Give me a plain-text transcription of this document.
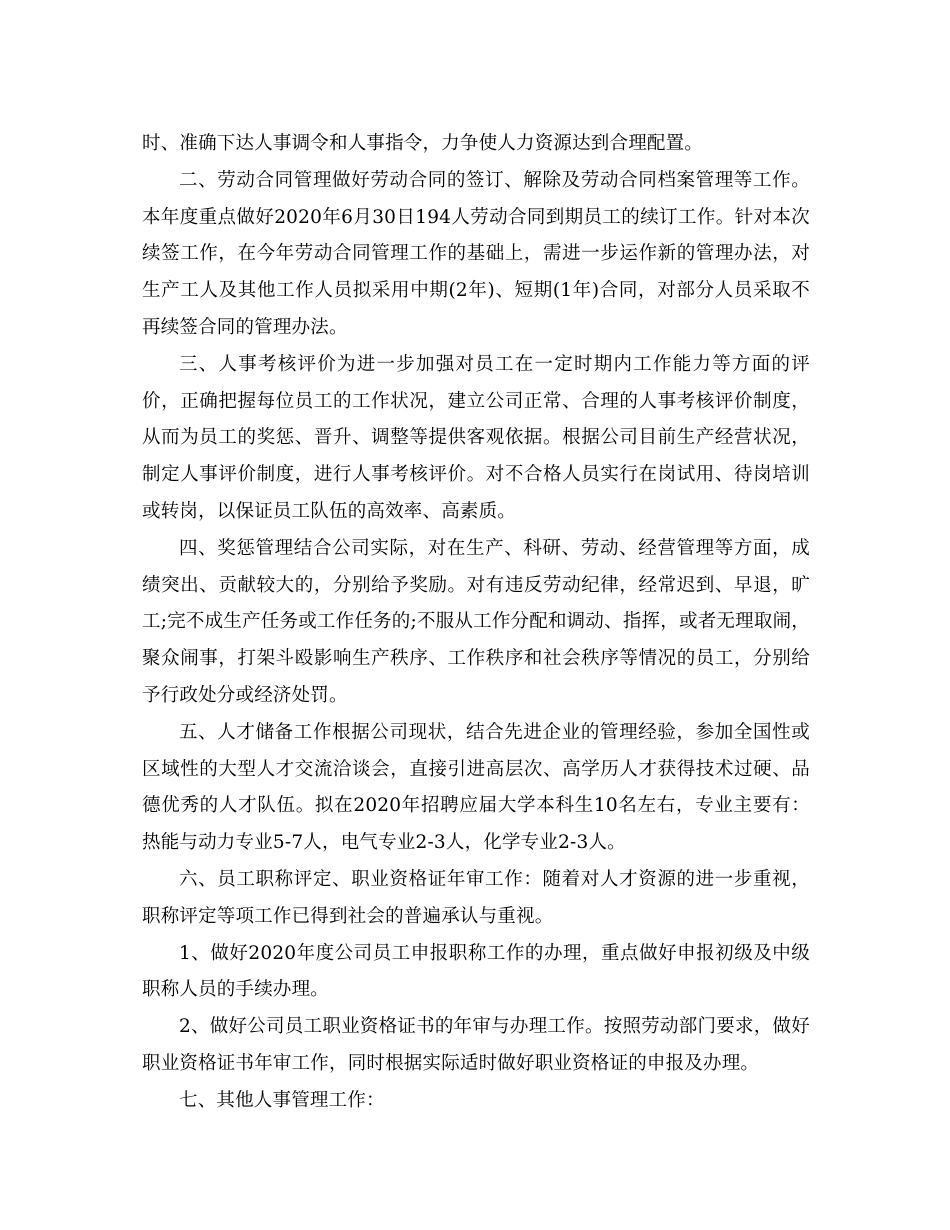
时、准确下达人事调令和人事指令，力争使人力资源达到合理配置。

二、劳动合同管理做好劳动合同的签订、解除及劳动合同档案管理等工作。本年度重点做好2020年6月30日194人劳动合同到期员工的续订工作。针对本次续签工作，在今年劳动合同管理工作的基础上，需进一步运作新的管理办法，对生产工人及其他工作人员拟采用中期(2年)、短期(1年)合同，对部分人员采取不再续签合同的管理办法。

三、人事考核评价为进一步加强对员工在一定时期内工作能力等方面的评价，正确把握每位员工的工作状况，建立公司正常、合理的人事考核评价制度，从而为员工的奖惩、晋升、调整等提供客观依据。根据公司目前生产经营状况，制定人事评价制度，进行人事考核评价。对不合格人员实行在岗试用、待岗培训或转岗，以保证员工队伍的高效率、高素质。

四、奖惩管理结合公司实际，对在生产、科研、劳动、经营管理等方面，成绩突出、贡献较大的，分别给予奖励。对有违反劳动纪律，经常迟到、早退，旷工;完不成生产任务或工作任务的;不服从工作分配和调动、指挥，或者无理取闹，聚众闹事，打架斗殴影响生产秩序、工作秩序和社会秩序等情况的员工，分别给予行政处分或经济处罚。

五、人才储备工作根据公司现状，结合先进企业的管理经验，参加全国性或区域性的大型人才交流洽谈会，直接引进高层次、高学历人才获得技术过硬、品德优秀的人才队伍。拟在2020年招聘应届大学本科生10名左右，专业主要有：热能与动力专业5-7人，电气专业2-3人，化学专业2-3人。

六、员工职称评定、职业资格证年审工作：随着对人才资源的进一步重视，职称评定等项工作已得到社会的普遍承认与重视。

1、做好2020年度公司员工申报职称工作的办理，重点做好申报初级及中级职称人员的手续办理。

2、做好公司员工职业资格证书的年审与办理工作。按照劳动部门要求，做好职业资格证书年审工作，同时根据实际适时做好职业资格证的申报及办理。

七、其他人事管理工作：
